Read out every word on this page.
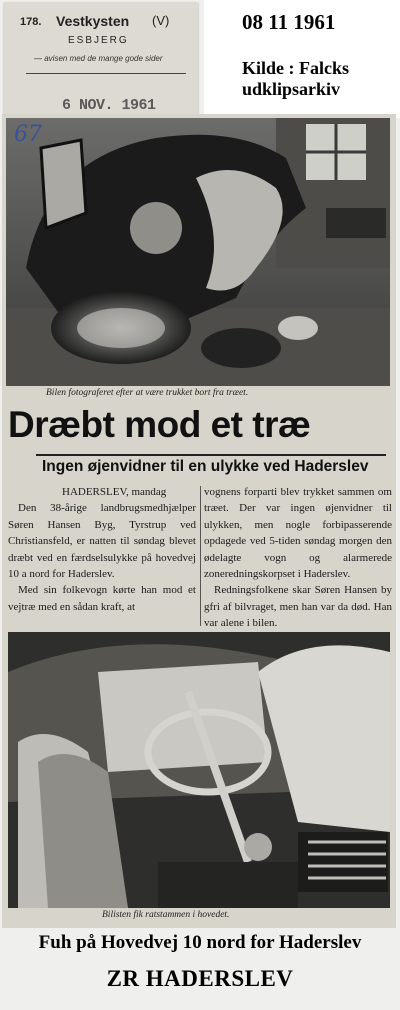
178. Vestkysten (V)
ESBJERG
— avisen med de mange gode sider
6 NOV. 1961
08 11 1961
Kilde : Falcks
udklipsarkiv
67
Bilen fotograferet efter at være trukket bort fra træet.
Dræbt mod et træ
Ingen øjenvidner til en ulykke ved Haderslev

HADERSLEV, mandag

Den 38-årige landbrugsmedhjælper Søren Hansen Byg, Tyrstrup ved Christiansfeld, er natten til søndag blevet dræbt ved en færdselsulykke på hovedvej 10 a nord for Haderslev.

Med sin folkevogn kørte han mod et vejtræ med en sådan kraft, at

vognens forparti blev trykket sammen om træet. Der var ingen øjenvidner til ulykken, men nogle forbipasserende opdagede ved 5-tiden søndag morgen den ødelagte vogn og alarmerede zoneredningskorpset i Haderslev.

Redningsfolkene skar Søren Hansen by gfri af bilvraget, men han var da død. Han var alene i bilen.

Bilisten fik ratstammen i hovedet.
Fuh på Hovedvej 10 nord for Haderslev
ZR HADERSLEV
